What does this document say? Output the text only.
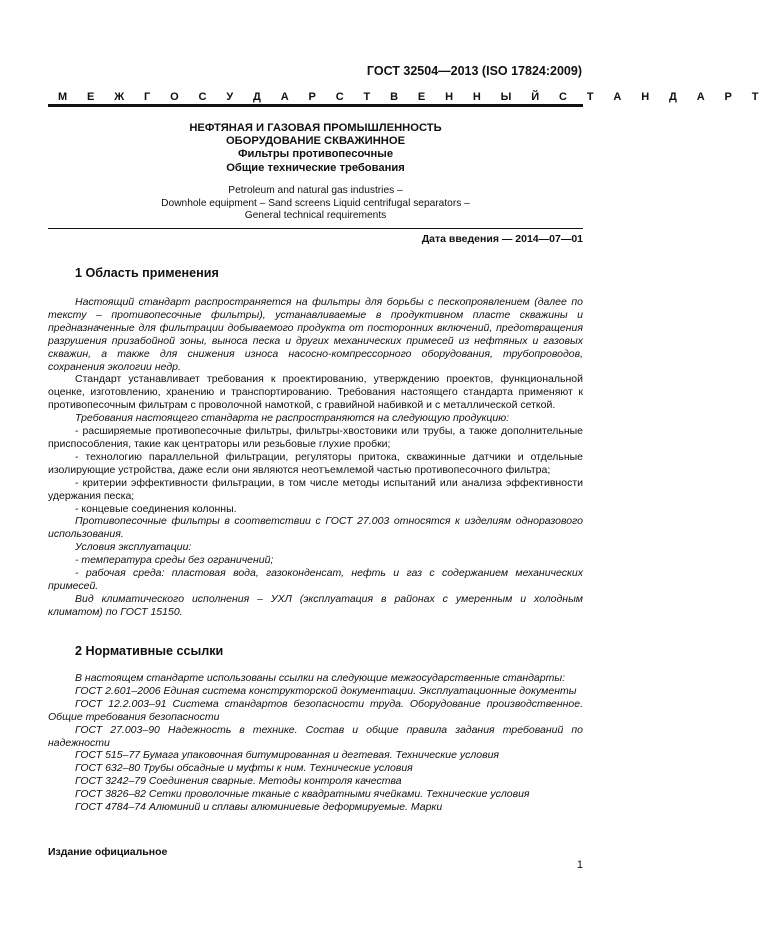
ГОСТ 32504—2013 (ISO 17824:2009)
М Е Ж Г О С У Д А Р С Т В Е Н Н Ы Й С Т А Н Д А Р Т
НЕФТЯНАЯ И ГАЗОВАЯ ПРОМЫШЛЕННОСТЬ
ОБОРУДОВАНИЕ СКВАЖИННОЕ
Фильтры противопесочные
Общие технические требования
Petroleum and natural gas industries –
Downhole equipment – Sand screens Liquid centrifugal separators –
General technical requirements
Дата введения — 2014—07—01
1 Область применения

Настоящий стандарт распространяется на фильтры для борьбы с пескопроявлением (далее по тексту – противопесочные фильтры), устанавливаемые в продуктивном пласте скважины и предназначенные для фильтрации добываемого продукта от посторонних включений, предотвращения разрушения призабойной зоны, выноса песка и других механических примесей из нефтяных и газовых скважин, а также для снижения износа насосно-компрессорного оборудования, трубопроводов, сохранения экологии недр.

Стандарт устанавливает требования к проектированию, утверждению проектов, функциональной оценке, изготовлению, хранению и транспортированию. Требования настоящего стандарта применяют к противопесочным фильтрам с проволочной намоткой, с гравийной набивкой и с металлической сеткой.

Требования настоящего стандарта не распространяются на следующую продукцию:

- расширяемые противопесочные фильтры, фильтры-хвостовики или трубы, а также дополнительные приспособления, такие как центраторы или резьбовые глухие пробки;

- технологию параллельной фильтрации, регуляторы притока, скважинные датчики и отдельные изолирующие устройства, даже если они являются неотъемлемой частью противопесочного фильтра;

- критерии эффективности фильтрации, в том числе методы испытаний или анализа эффективности удержания песка;

- концевые соединения колонны.

Противопесочные фильтры в соответствии с ГОСТ 27.003 относятся к изделиям одноразового использования.

Условия эксплуатации:

- температура среды без ограничений;

- рабочая среда: пластовая вода, газоконденсат, нефть и газ с содержанием механических примесей.

Вид климатического исполнения – УХЛ (эксплуатация в районах с умеренным и холодным климатом) по ГОСТ 15150.

2 Нормативные ссылки

В настоящем стандарте использованы ссылки на следующие межгосударственные стандарты:

ГОСТ 2.601–2006 Единая система конструкторской документации. Эксплуатационные документы

ГОСТ 12.2.003–91 Система стандартов безопасности труда. Оборудование производственное. Общие требования безопасности

ГОСТ 27.003–90 Надежность в технике. Состав и общие правила задания требований по надежности

ГОСТ 515–77 Бумага упаковочная битумированная и дегтевая. Технические условия

ГОСТ 632–80 Трубы обсадные и муфты к ним. Технические условия

ГОСТ 3242–79 Соединения сварные. Методы контроля качества

ГОСТ 3826–82 Сетки проволочные тканые с квадратными ячейками. Технические условия

ГОСТ 4784–74 Алюминий и сплавы алюминиевые деформируемые. Марки

Издание официальное
1
